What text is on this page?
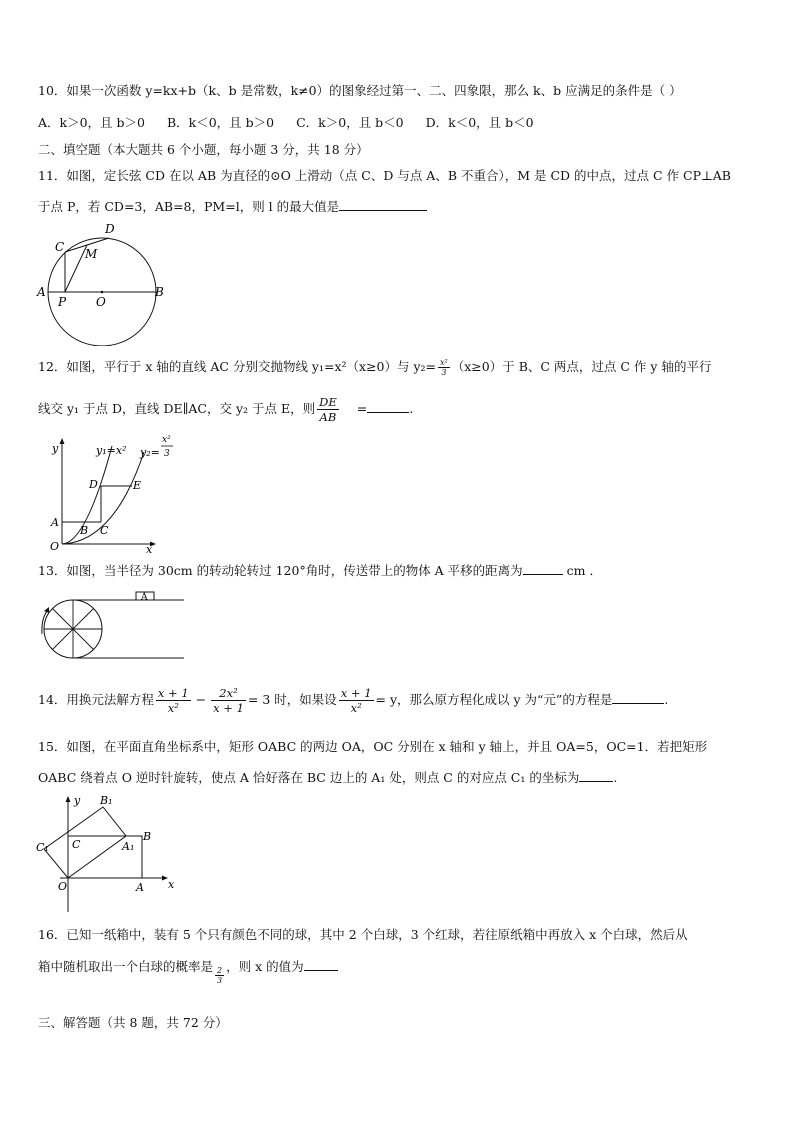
10．如果一次函数 y=kx+b（k、b 是常数，k≠0）的图象经过第一、二、四象限，那么 k、b 应满足的条件是（ ）
A．k＞0，且 b＞0 B．k＜0，且 b＞0 C．k＞0，且 b＜0 D．k＜0，且 b＜0
二、填空题（本大题共 6 个小题，每小题 3 分，共 18 分）
11．如图，定长弦 CD 在以 AB 为直径的⊙O 上滑动（点 C、D 与点 A、B 不重合），M 是 CD 的中点，过点 C 作 CP⊥AB
于点 P，若 CD=3，AB=8，PM=l，则 l 的最大值是
D
C M
A
P O
B
12．如图，平行于 x 轴的直线 AC 分别交抛物线 y₁=x²（x≥0）与 $y_2= \frac{\text{x²}}{3} (x\ge 0)$于 B、C 两点，过点 C 作 y 轴的平行
线交 y₁ 于点 D，直线 DE∥AC，交 y₂ 于点 E，则 $\frac{DE}{AB}$ =	.
y	y₁=x² y₂=
x²
3
D	E
A
B C
O	x
13．如图，当半径为 30cm 的转动轮转过 120°角时，传送带上的物体 A 平移的距离为	cm ．
A
14．用换元法解方程 $\frac{x + 1}{\text{x²}} - \frac{\text{2x²}}{x + 1} = 3$ 时，如果设 $\frac{x + 1}{\text{x²}} = y$，那么原方程化成以 y 为“元”的方程是	.
15．如图，在平面直角坐标系中，矩形 OABC 的两边 OA，OC 分别在 x 轴和 y 轴上，并且 OA=5，OC=1．若把矩形
OABC 绕着点 O 逆时针旋转，使点 A 恰好落在 BC 边上的 A₁ 处，则点 C 的对应点 C₁ 的坐标为	.
y B₁
B
C₁ C	A₁
O	A x
16．已知一纸箱中，装有 5 个只有颜色不同的球，其中 2 个白球，3 个红球，若往原纸箱中再放入 x 个白球，然后从
箱中随机取出一个白球的概率是 $\frac{2}{3}$ ，则 x 的值为
三、解答题（共 8 题，共 72 分）
